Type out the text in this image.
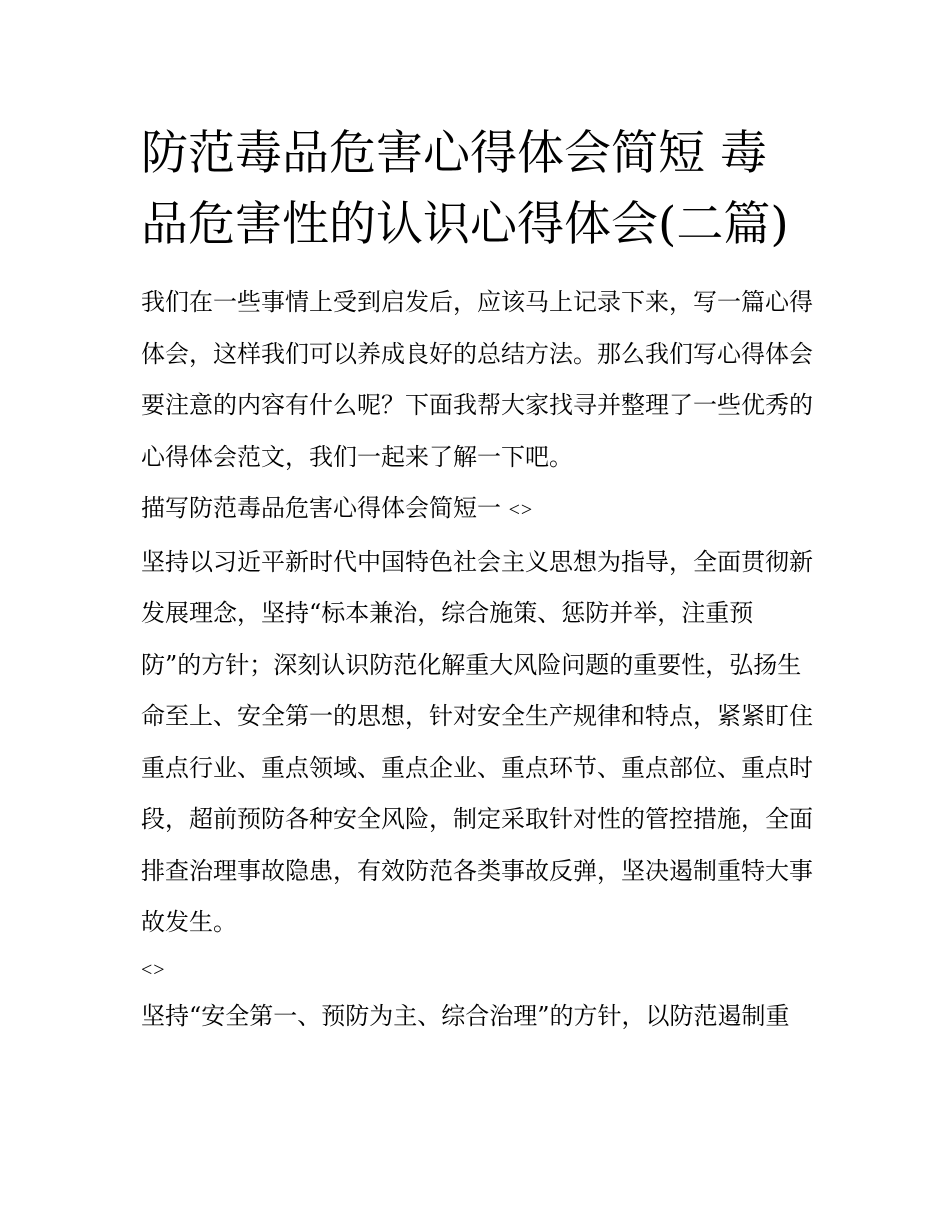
防范毒品危害心得体会简短 毒品危害性的认识心得体会(二篇)

我们在一些事情上受到启发后，应该马上记录下来，写一篇心得体会，这样我们可以养成良好的总结方法。那么我们写心得体会要注意的内容有什么呢？下面我帮大家找寻并整理了一些优秀的心得体会范文，我们一起来了解一下吧。

描写防范毒品危害心得体会简短一 <>

坚持以习近平新时代中国特色社会主义思想为指导，全面贯彻新发展理念，坚持“标本兼治，综合施策、惩防并举，注重预防”的方针；深刻认识防范化解重大风险问题的重要性，弘扬生命至上、安全第一的思想，针对安全生产规律和特点，紧紧盯住重点行业、重点领域、重点企业、重点环节、重点部位、重点时段，超前预防各种安全风险，制定采取针对性的管控措施，全面排查治理事故隐患，有效防范各类事故反弹，坚决遏制重特大事故发生。

<>

坚持“安全第一、预防为主、综合治理”的方针，以防范遏制重
